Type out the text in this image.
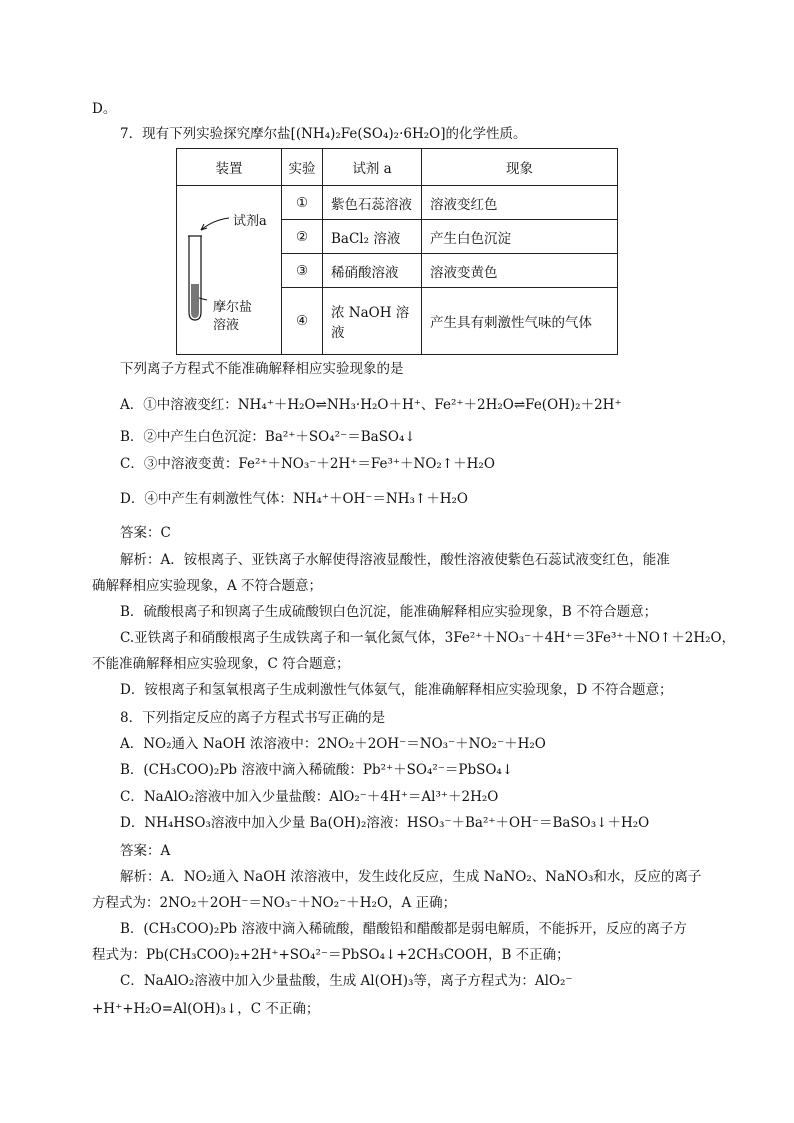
D。
7．现有下列实验探究摩尔盐[(NH₄)₂Fe(SO₄)₂·6H₂O]的化学性质。
装置	实验	试剂 a	现象

试剂a
摩尔盐
溶液	①	紫色石蕊溶液	溶液变红色
	②	BaCl₂ 溶液	产生白色沉淀
	③	稀硝酸溶液	溶液变黄色
	④	浓 NaOH 溶液	产生具有刺激性气味的气体
下列离子方程式不能准确解释相应实验现象的是
A．①中溶液变红：NH₄⁺＋H₂O⇌NH₃·H₂O＋H⁺、Fe²⁺＋2H₂O⇌Fe(OH)₂＋2H⁺
B．②中产生白色沉淀：Ba²⁺＋SO₄²⁻＝BaSO₄↓
C．③中溶液变黄：Fe²⁺＋NO₃⁻＋2H⁺＝Fe³⁺＋NO₂↑＋H₂O
D．④中产生有刺激性气体：NH₄⁺＋OH⁻＝NH₃↑＋H₂O
答案：C
解析：A．铵根离子、亚铁离子水解使得溶液显酸性，酸性溶液使紫色石蕊试液变红色，能准
确解释相应实验现象，A 不符合题意；
B．硫酸根离子和钡离子生成硫酸钡白色沉淀，能准确解释相应实验现象，B 不符合题意；
C.亚铁离子和硝酸根离子生成铁离子和一氧化氮气体，3Fe²⁺＋NO₃⁻＋4H⁺＝3Fe³⁺＋NO↑＋2H₂O，
不能准确解释相应实验现象，C 符合题意；
D．铵根离子和氢氧根离子生成刺激性气体氨气，能准确解释相应实验现象，D 不符合题意；
8．下列指定反应的离子方程式书写正确的是
A．NO₂通入 NaOH 浓溶液中：2NO₂＋2OH⁻＝NO₃⁻＋NO₂⁻＋H₂O
B．(CH₃COO)₂Pb 溶液中滴入稀硫酸：Pb²⁺＋SO₄²⁻＝PbSO₄↓
C．NaAlO₂溶液中加入少量盐酸：AlO₂⁻＋4H⁺＝Al³⁺＋2H₂O
D．NH₄HSO₃溶液中加入少量 Ba(OH)₂溶液：HSO₃⁻＋Ba²⁺＋OH⁻＝BaSO₃↓＋H₂O
答案：A
解析：A．NO₂通入 NaOH 浓溶液中，发生歧化反应，生成 NaNO₂、NaNO₃和水，反应的离子
方程式为：2NO₂＋2OH⁻＝NO₃⁻＋NO₂⁻＋H₂O，A 正确；
B．(CH₃COO)₂Pb 溶液中滴入稀硫酸，醋酸铅和醋酸都是弱电解质，不能拆开，反应的离子方
程式为：Pb(CH₃COO)₂+2H⁺+SO₄²⁻＝PbSO₄↓+2CH₃COOH，B 不正确；
C．NaAlO₂溶液中加入少量盐酸，生成 Al(OH)₃等，离子方程式为：AlO₂⁻
+H⁺+H₂O=Al(OH)₃↓，C 不正确；
